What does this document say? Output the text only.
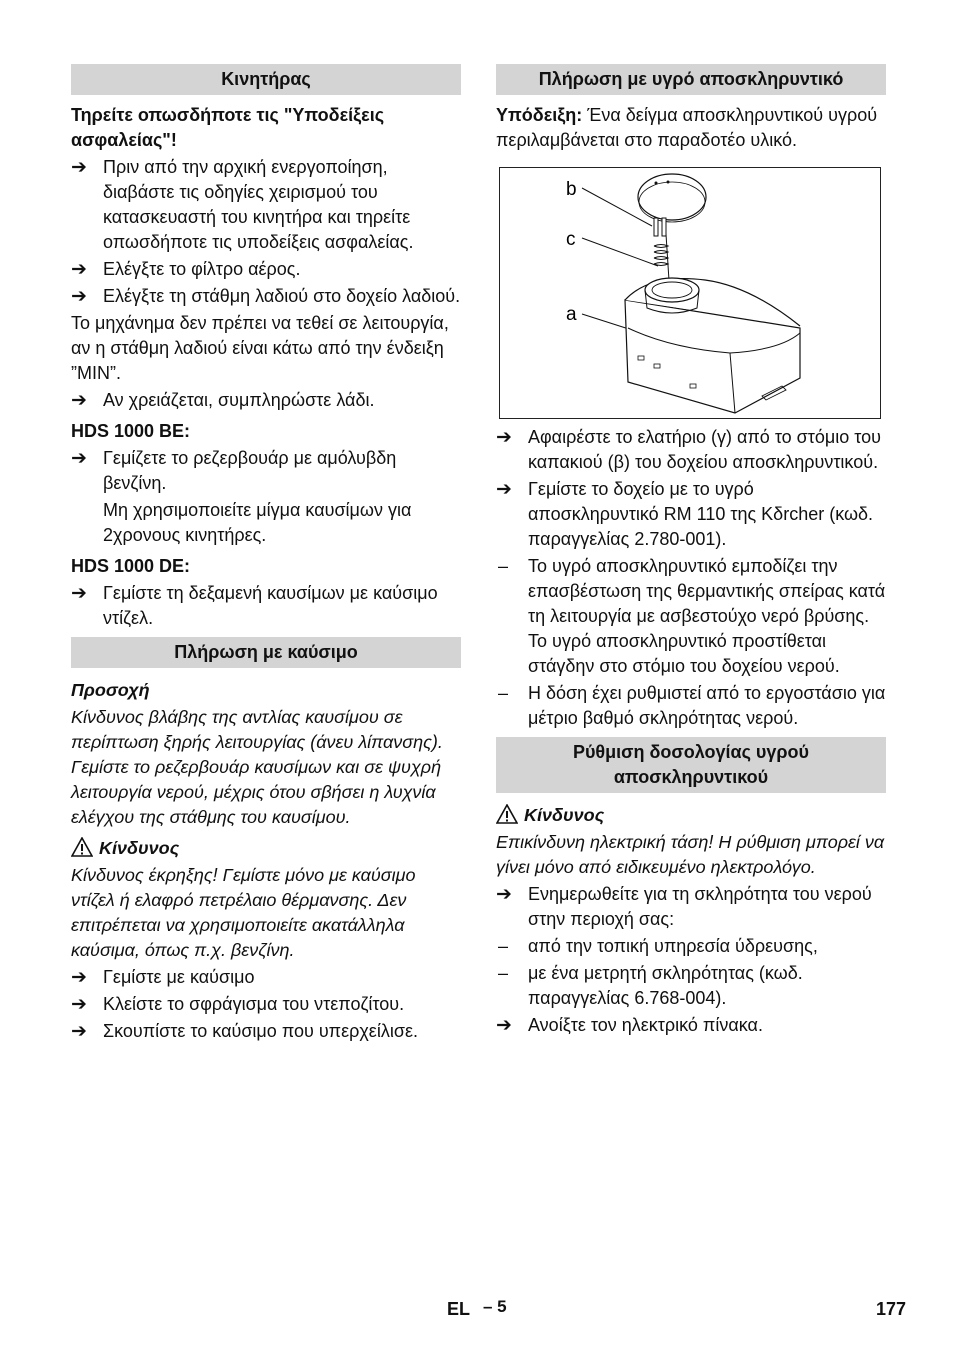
Κινητήρας

Τηρείτε οπωσδήποτε τις "Υποδείξεις ασφαλείας"!

➔ Πριν από την αρχική ενεργοποίηση, διαβάστε τις οδηγίες χειρισμού του κατασκευαστή του κινητήρα και τηρείτε οπωσδήποτε τις υποδείξεις ασφαλείας.
➔ Ελέγξτε το φίλτρο αέρος.
➔ Ελέγξτε τη στάθμη λαδιού στο δοχείο λαδιού.

Το μηχάνημα δεν πρέπει να τεθεί σε λειτουργία, αν η στάθμη λαδιού είναι κάτω από την ένδειξη ”MIN”.

➔ Αν χρειάζεται, συμπληρώστε λάδι.

HDS 1000 BE:

➔ Γεμίζετε το ρεζερβουάρ με αμόλυβδη βενζίνη.

Μη χρησιμοποιείτε μίγμα καυσίμων για 2χρονους κινητήρες.

HDS 1000 DE:

➔ Γεμίστε τη δεξαμενή καυσίμων με καύσιμο ντίζελ.
Πλήρωση με καύσιμο

Προσοχή

Κίνδυνος βλάβης της αντλίας καυσίμου σε περίπτωση ξηρής λειτουργίας (άνευ λίπανσης). Γεμίστε το ρεζερβουάρ καυσίμων και σε ψυχρή λειτουργία νερού, μέχρις ότου σβήσει η λυχνία ελέγχου της στάθμης του καυσίμου.

Κίνδυνος

Κίνδυνος έκρηξης! Γεμίστε μόνο με καύσιμο ντίζελ ή ελαφρό πετρέλαιο θέρμανσης. Δεν επιτρέπεται να χρησιμοποιείτε ακατάλληλα καύσιμα, όπως π.χ. βενζίνη.

➔ Γεμίστε με καύσιμο
➔ Κλείστε το σφράγισμα του ντεποζίτου.
➔ Σκουπίστε το καύσιμο που υπερχείλισε.
Πλήρωση με υγρό αποσκληρυντικό

Υπόδειξη: Ένα δείγμα αποσκληρυντικού υγρού περιλαμβάνεται στο παραδοτέο υλικό.

b
c
a
➔ Αφαιρέστε το ελατήριο (γ) από το στόμιο του καπακιού (β) του δοχείου αποσκληρυντικού.
➔ Γεμίστε το δοχείο με το υγρό αποσκληρυντικό RM 110 της Kδrcher (κωδ. παραγγελίας 2.780-001).
–	Το υγρό αποσκληρυντικό εμποδίζει την επασβέστωση της θερμαντικής σπείρας κατά τη λειτουργία με ασβεστούχο νερό βρύσης. Το υγρό αποσκληρυντικό προστίθεται στάγδην στο στόμιο του δοχείου νερού.
–	Η δόση έχει ρυθμιστεί από το εργοστάσιο για μέτριο βαθμό σκληρότητας νερού.
Ρύθμιση δοσολογίας υγρού αποσκληρυντικού

Κίνδυνος

Επικίνδυνη ηλεκτρική τάση! Η ρύθμιση μπορεί να γίνει μόνο από ειδικευμένο ηλεκτρολόγο.

➔ Ενημερωθείτε για τη σκληρότητα του νερού στην περιοχή σας:
–	από την τοπική υπηρεσία ύδρευσης,
–	με ένα μετρητή σκληρότητας (κωδ. παραγγελίας 6.768-004).
➔ Ανοίξτε τον ηλεκτρικό πίνακα.
EL – 5	177
